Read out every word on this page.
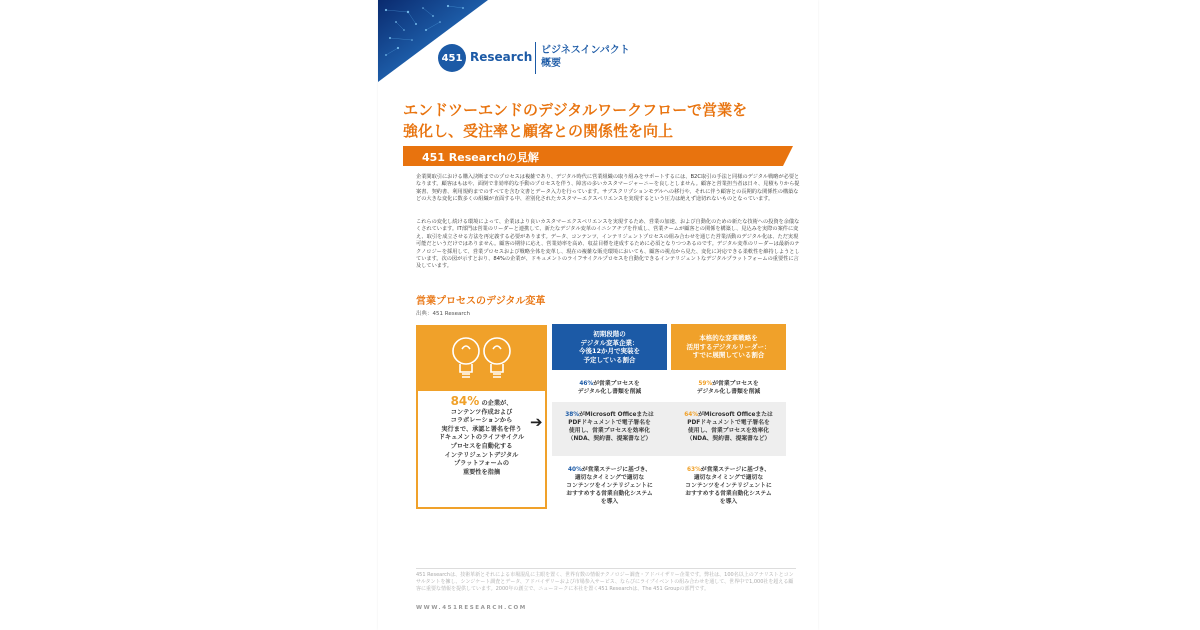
451 Research ビジネスインパクト
概要
エンドツーエンドのデジタルワークフローで営業を
強化し、受注率と顧客との関係性を向上
451 Researchの見解
企業間取引における購入決断までのプロセスは複雑であり、デジタル時代に営業組織の取り組みをサポートするには、B2C取引の手法と同様のデジタル戦略が必要となります。顧客はもはや、面倒で非効率的な手動のプロセスを伴う、障害の多いカスタマージャーニーを良しとしません。顧客と営業担当者は日々、見積もりから提案書、契約書、利用規約までのすべてを含む文書とデータ入力を行っています。サブスクリプションモデルへの移行や、それに伴う顧客との長期的な関係性の構築などの大きな変化に数多くの組織が直面する中、差別化されたカスタマーエクスペリエンスを実現するという圧力は絶えず途切れないものとなっています。
これらの変化し続ける環境によって、企業はより良いカスタマーエクスペリエンスを実現するため、営業の加速、および自動化のための新たな技術への投資を余儀なくされています。IT部門は営業のリーダーと連携して、新たなデジタル変革のイニシアチブを作成し、営業チームが顧客との関係を構築し、見込みを実際の案件に変え、取引を成立させる方法を再定義する必要があります。データ、コンテンツ、インテリジェントプロセスの組み合わせを通じた営業活動のデジタル化は、ただ実現可能だというだけではありません。顧客の期待に応え、営業効率を高め、収益目標を達成するために必須となりつつあるのです。デジタル変革のリーダーは最新のテクノロジーを採用して、営業プロセスおよび戦略全体を変革し、現在の複雑な販売環境においても、顧客の視点から見た、変化に対応できる柔軟性を維持しようとしています。次の図が示すとおり、84%の企業が、ドキュメントのライフサイクルプロセスを自動化できるインテリジェントなデジタルプラットフォームの重要性に言及しています。
営業プロセスのデジタル変革
出典：451 Research
84% の企業が、
コンテンツ作成および
コラボレーションから
実行まで、承認と署名を伴う
ドキュメントのライフサイクル
プロセスを自動化する
インテリジェントデジタル
プラットフォームの
重要性を指摘
➔
初期段階の
デジタル変革企業：
今後12か月で実装を
予定している割合
本格的な変革戦略を
活用するデジタルリーダー：
すでに展開している割合
46%が営業プロセスを
デジタル化し書類を削減
38%がMicrosoft Officeまたは
PDFドキュメントで電子署名を
使用し、営業プロセスを効率化
（NDA、契約書、提案書など）
40%が営業ステージに基づき、
適切なタイミングで適切な
コンテンツをインテリジェントに
おすすめする営業自動化システム
を導入
59%が営業プロセスを
デジタル化し書類を削減
64%がMicrosoft Officeまたは
PDFドキュメントで電子署名を
使用し、営業プロセスを効率化
（NDA、契約書、提案書など）
63%が営業ステージに基づき、
適切なタイミングで適切な
コンテンツをインテリジェントに
おすすめする営業自動化システム
を導入
451 Researchは、技術革新とそれによる市場混乱に主眼を置く、世界有数の情報テクノロジー調査・アドバイザリー企業です。弊社は、100名以上のアナリストとコンサルタントを擁し、シンジケート調査とデータ、アドバイザリーおよび市場参入サービス、ならびにライブイベントの組み合わせを通して、世界中で1,000社を超える顧客に重要な情報を提供しています。2000年の創立で、ニューヨークに本社を置く451 Researchは、The 451 Groupの部門です。
WWW.451RESEARCH.COM
